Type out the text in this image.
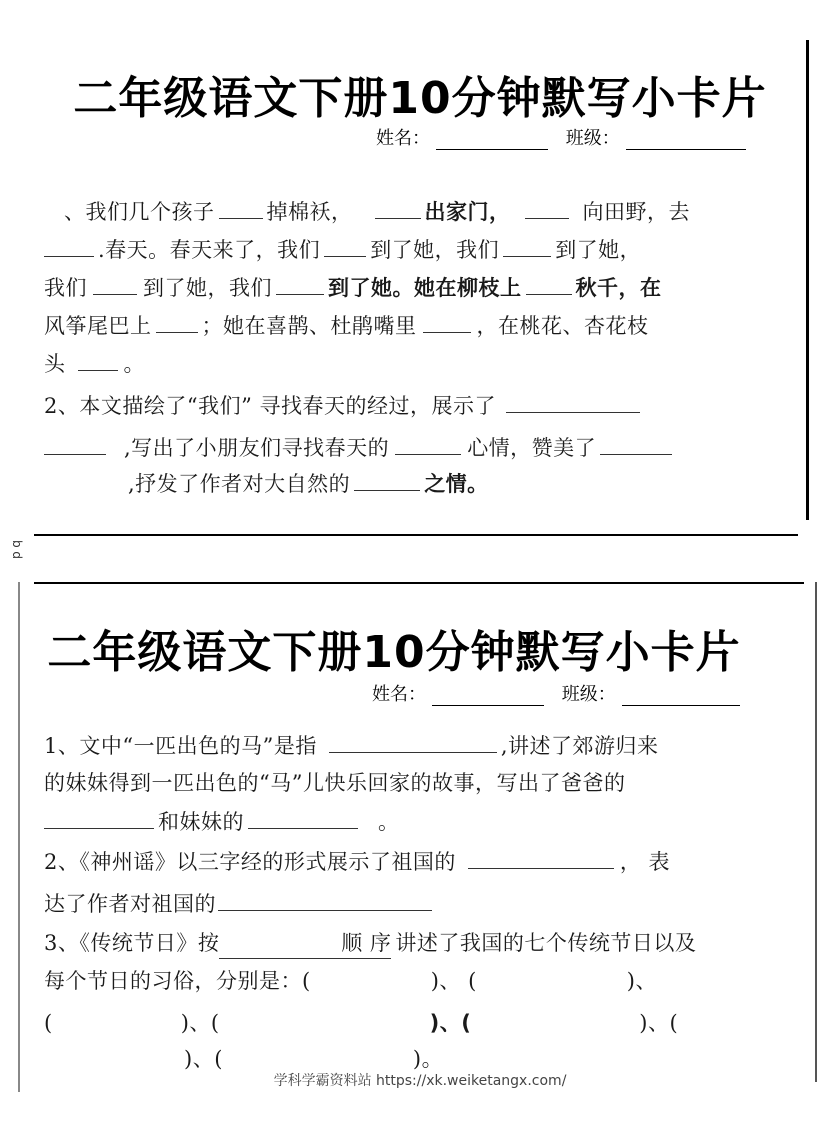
二年级语文下册10分钟默写小卡片
姓名：	班级：
、我们几个孩子 掉棉袄，	出家门，	向田野，去
.春天。春天来了，我们 到了她，我们	到了她，
我们	到了她，我们	到了她。她在柳枝上	秋千，在
风筝尾巴上 ；她在喜鹊、杜鹃嘴里	，在桃花、杏花枝
头	。
2、本文描绘了“我们” 寻找春天的经过，展示了
,写出了小朋友们寻找春天的	心情，赞美了
,抒发了作者对大自然的	之情。
b d
二年级语文下册10分钟默写小卡片
姓名：	班级：
1、文中“一匹出色的马”是指	,讲述了郊游归来
的妹妹得到一匹出色的“马”儿快乐回家的故事，写出了爸爸的
和妹妹的	。
2、《神州谣》以三字经的形式展示了祖国的	， 表
达了作者对祖国的
3、《传统节日》按	顺 序 讲述了我国的七个传统节日以及
每个节日的习俗，分别是：(	)、 (	)、
(	)、(	)、(	)、(
)、(	)。
学科学霸资料站 https://xk.weiketangx.com/
